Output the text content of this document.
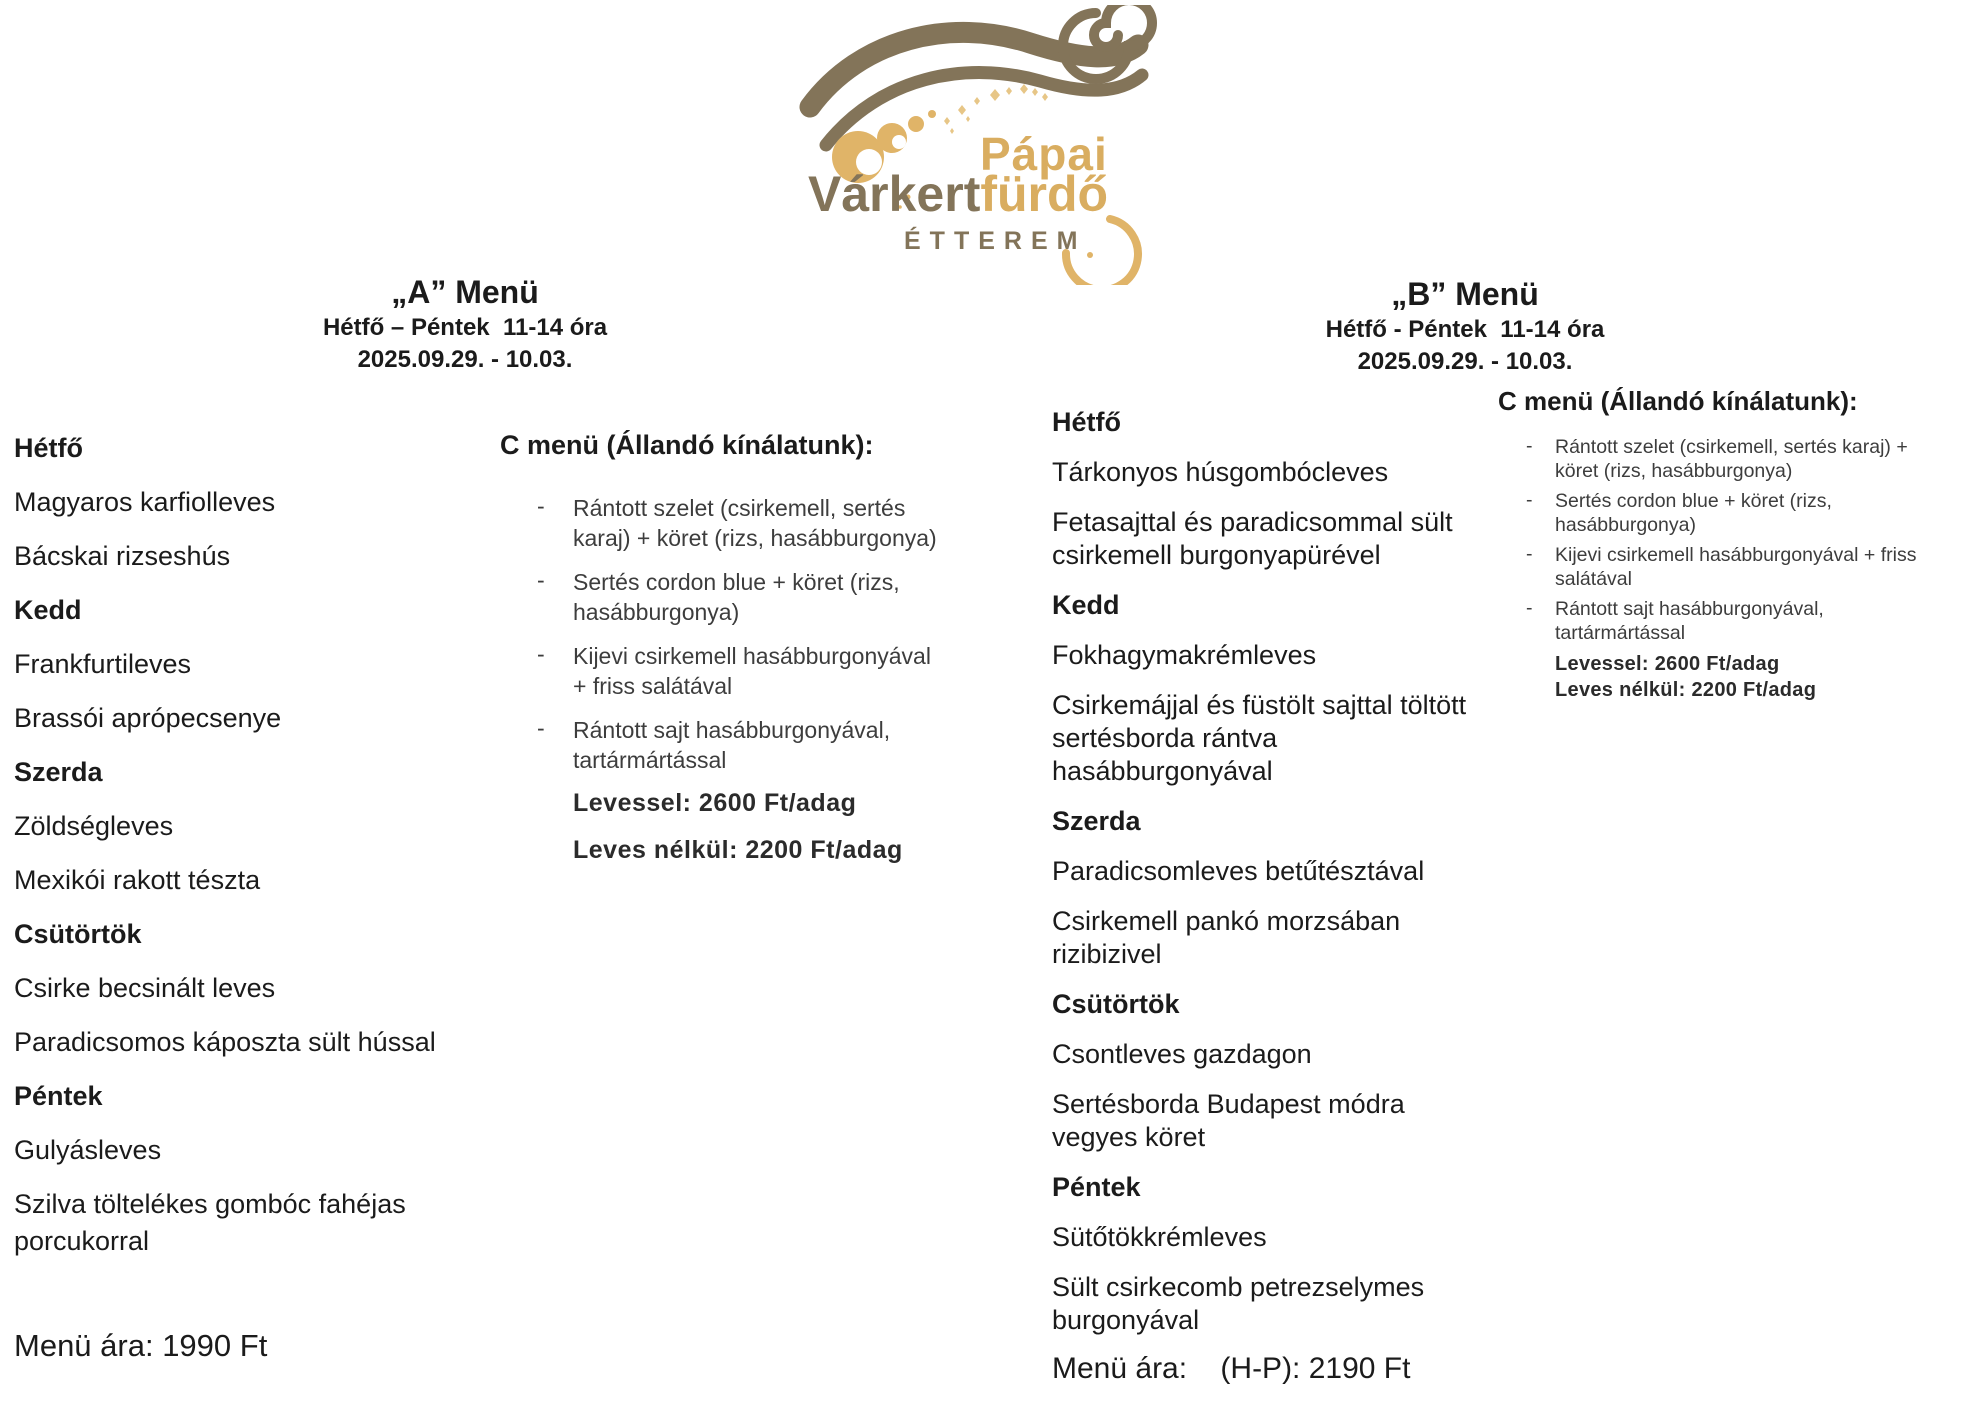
Pápai
Várkertfürdő
ÉTTEREM
„A” Menü
Hétfő – Péntek  11-14 óra
2025.09.29. - 10.03.
„B” Menü
Hétfő - Péntek  11-14 óra
2025.09.29. - 10.03.
Hétfő
Magyaros karfiolleves
Bácskai rizseshús
Kedd
Frankfurtileves
Brassói aprópecsenye
Szerda
Zöldségleves
Mexikói rakott tészta
Csütörtök
Csirke becsinált leves
Paradicsomos káposzta sült hússal
Péntek
Gulyásleves
Szilva töltelékes gombóc fahéjas porcukorral
Menü ára: 1990 Ft
C menü (Állandó kínálatunk):
- Rántott szelet (csirkemell, sertés karaj) + köret (rizs, hasábburgonya)
- Sertés cordon blue + köret (rizs, hasábburgonya)
- Kijevi csirkemell hasábburgonyával + friss salátával
- Rántott sajt hasábburgonyával, tartármártással
Levessel: 2600 Ft/adag
Leves nélkül: 2200 Ft/adag
Hétfő
Tárkonyos húsgombócleves
Fetasajttal és paradicsommal sült csirkemell burgonyapürével
Kedd
Fokhagymakrémleves
Csirkemájjal és füstölt sajttal töltött sertésborda rántva hasábburgonyával
Szerda
Paradicsomleves betűtésztával
Csirkemell pankó morzsában rizibizivel
Csütörtök
Csontleves gazdagon
Sertésborda Budapest módra vegyes köret
Péntek
Sütőtökkrémleves
Sült csirkecomb petrezselymes burgonyával
Menü ára:    (H-P): 2190 Ft
C menü (Állandó kínálatunk):
- Rántott szelet (csirkemell, sertés karaj) + köret (rizs, hasábburgonya)
- Sertés cordon blue + köret (rizs, hasábburgonya)
- Kijevi csirkemell hasábburgonyával + friss salátával
- Rántott sajt hasábburgonyával, tartármártással
Levessel: 2600 Ft/adag
Leves nélkül: 2200 Ft/adag
